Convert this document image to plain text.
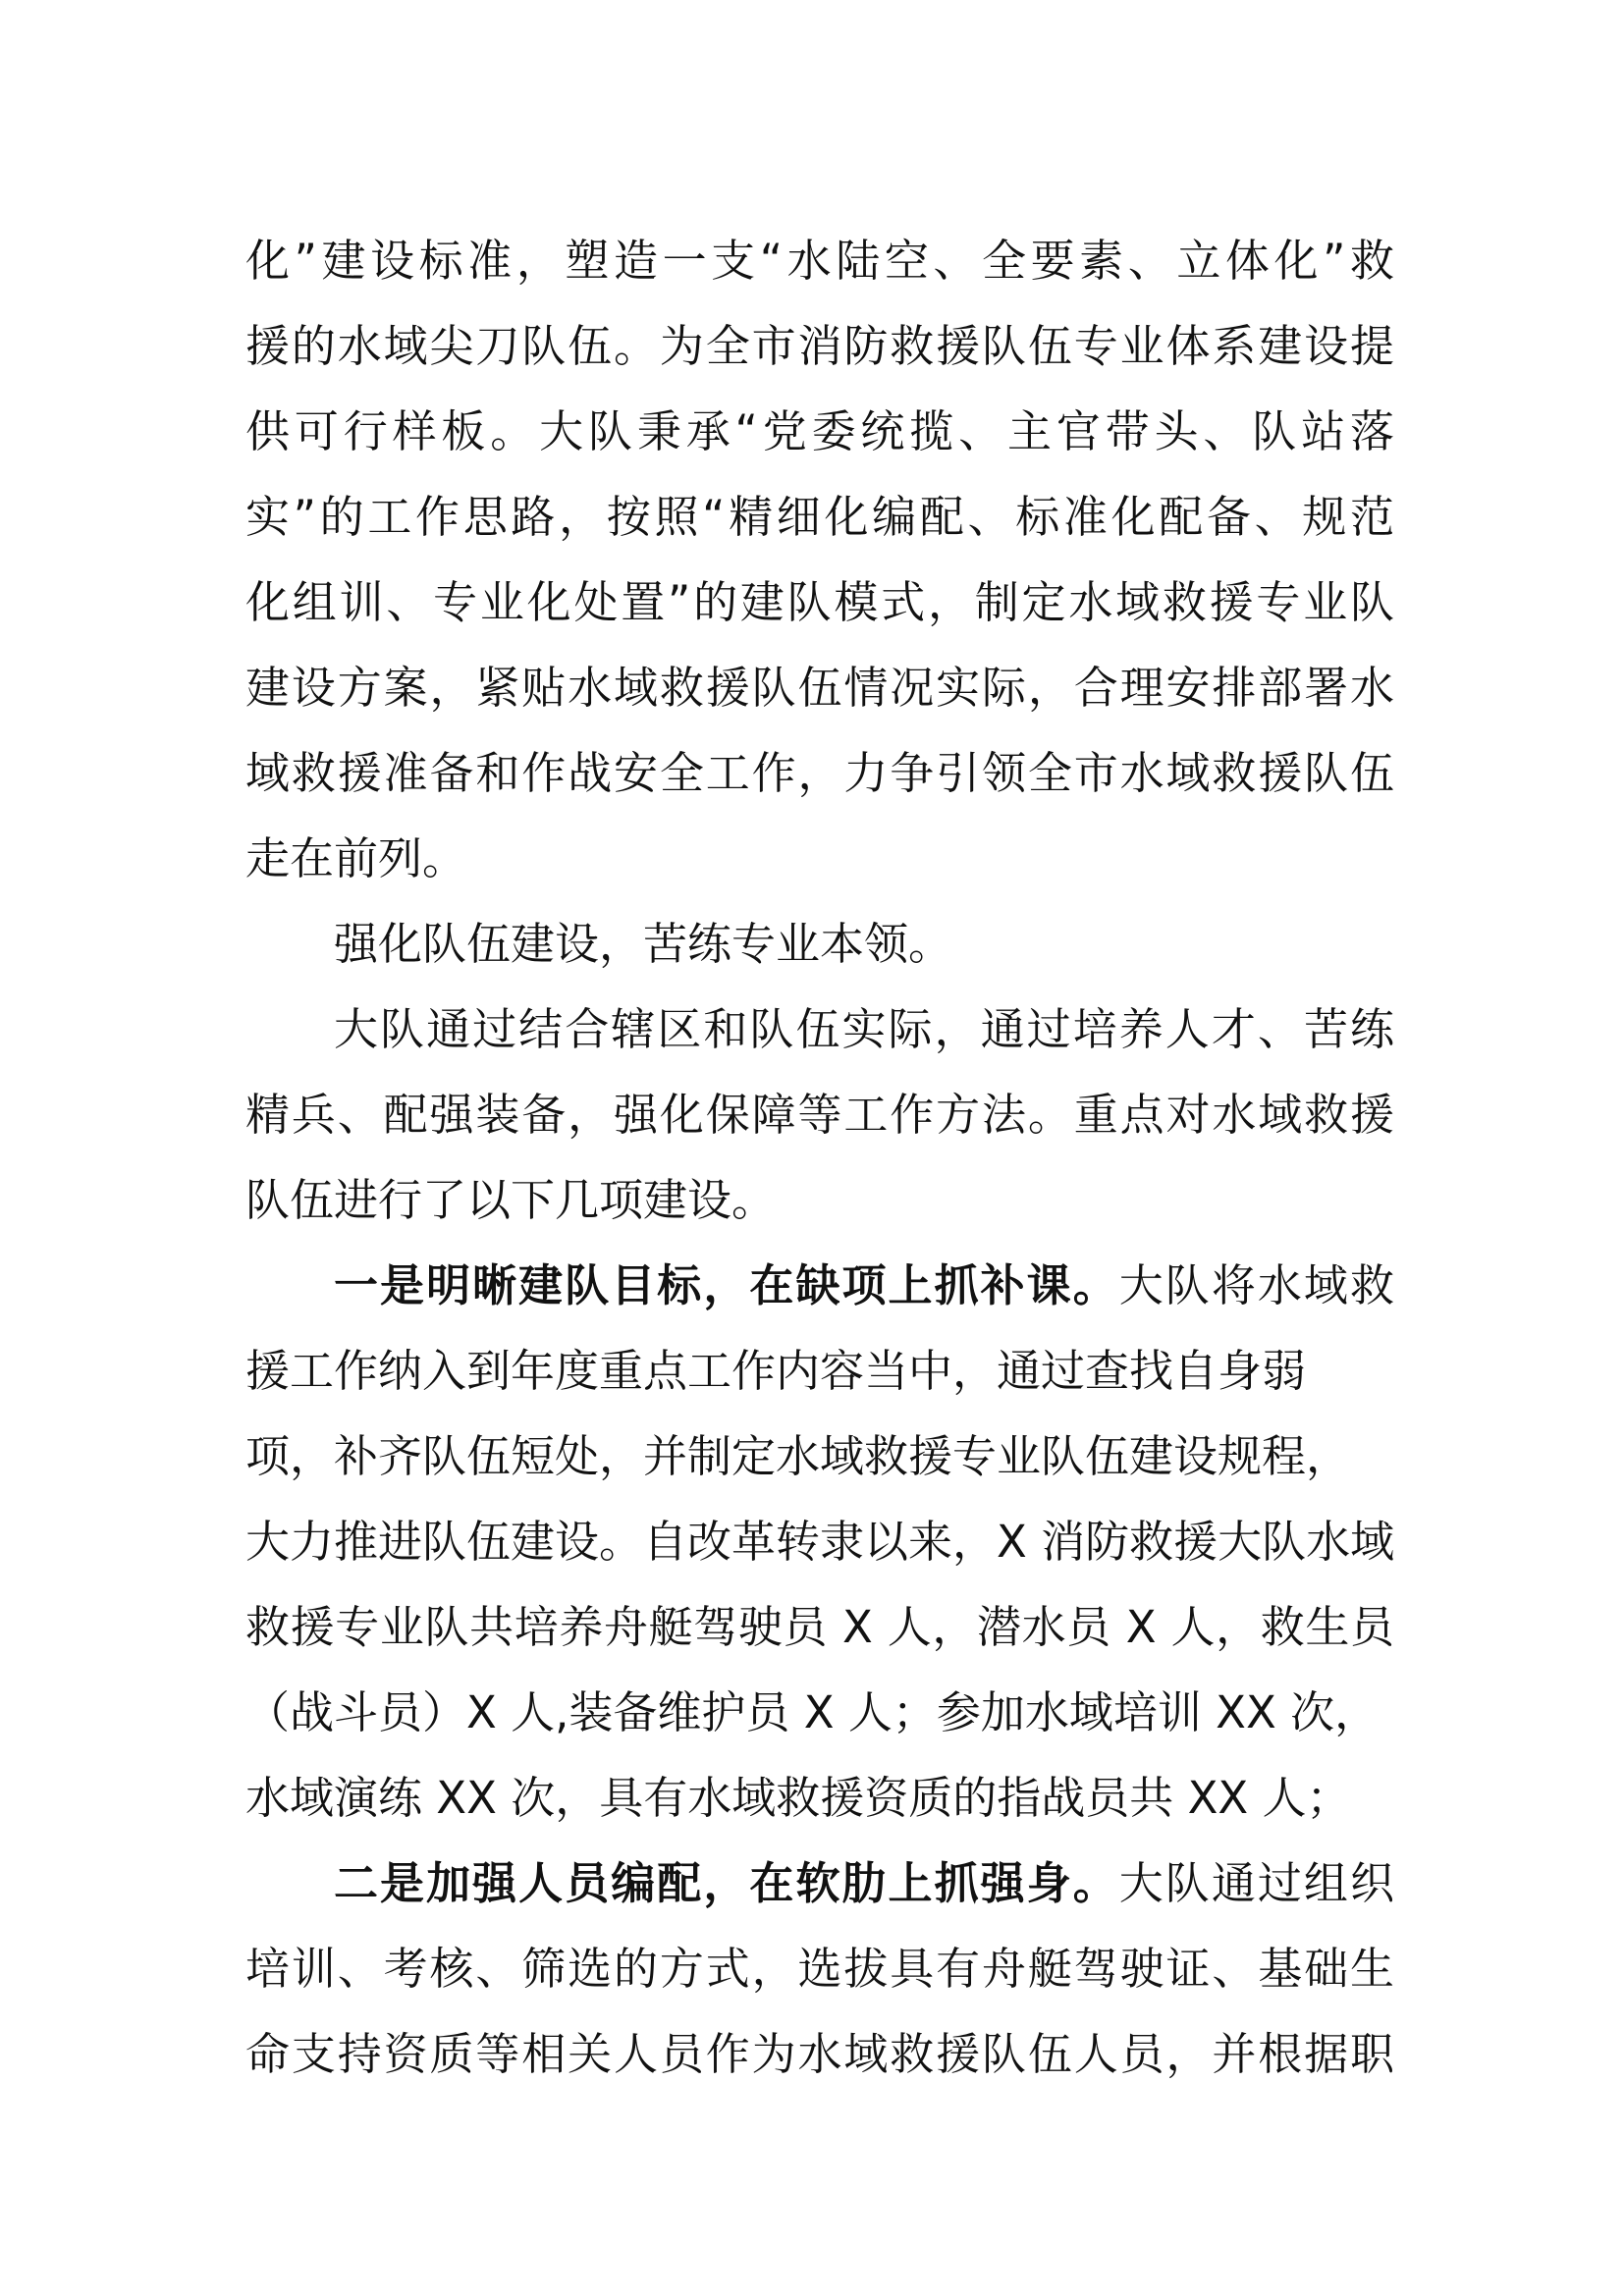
化”建设标准，塑造一支“水陆空、全要素、立体化”救
援的水域尖刀队伍。为全市消防救援队伍专业体系建设提
供可行样板。大队秉承“党委统揽、主官带头、队站落
实”的工作思路，按照“精细化编配、标准化配备、规范
化组训、专业化处置”的建队模式，制定水域救援专业队
建设方案，紧贴水域救援队伍情况实际，合理安排部署水
域救援准备和作战安全工作，力争引领全市水域救援队伍
走在前列。
强化队伍建设，苦练专业本领。
大队通过结合辖区和队伍实际，通过培养人才、苦练
精兵、配强装备，强化保障等工作方法。重点对水域救援
队伍进行了以下几项建设。
一是明晰建队目标，在缺项上抓补课。大队将水域救
援工作纳入到年度重点工作内容当中，通过查找自身弱
项，补齐队伍短处，并制定水域救援专业队伍建设规程，
大力推进队伍建设。自改革转隶以来，X 消防救援大队水域
救援专业队共培养舟艇驾驶员 X 人，潜水员 X 人，救生员
（战斗员）X 人,装备维护员 X 人；参加水域培训 XX 次，
水域演练 XX 次，具有水域救援资质的指战员共 XX 人；
二是加强人员编配，在软肋上抓强身。大队通过组织
培训、考核、筛选的方式，选拔具有舟艇驾驶证、基础生
命支持资质等相关人员作为水域救援队伍人员，并根据职
